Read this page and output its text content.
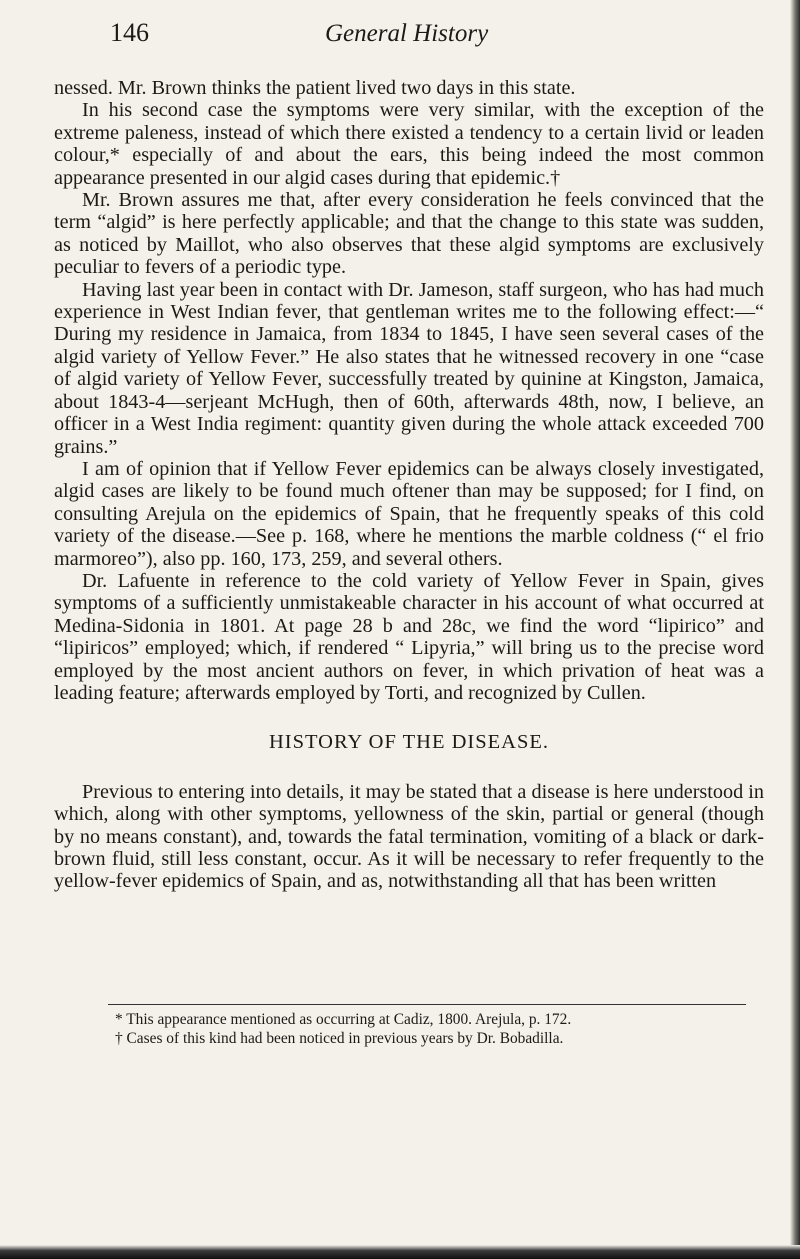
146	General History

nessed. Mr. Brown thinks the patient lived two days in this state.

In his second case the symptoms were very similar, with the exception of the extreme paleness, instead of which there existed a tendency to a certain livid or leaden colour,* especially of and about the ears, this being indeed the most common appearance presented in our algid cases during that epidemic.†

Mr. Brown assures me that, after every consideration he feels convinced that the term “algid” is here perfectly applicable; and that the change to this state was sudden, as noticed by Maillot, who also observes that these algid symptoms are exclusively peculiar to fevers of a periodic type.

Having last year been in contact with Dr. Jameson, staff surgeon, who has had much experience in West Indian fever, that gentleman writes me to the following effect:—“ During my residence in Jamaica, from 1834 to 1845, I have seen several cases of the algid variety of Yellow Fever.” He also states that he witnessed recovery in one “case of algid variety of Yellow Fever, successfully treated by quinine at Kingston, Jamaica, about 1843-4—serjeant McHugh, then of 60th, afterwards 48th, now, I believe, an officer in a West India regiment: quantity given during the whole attack exceeded 700 grains.”

I am of opinion that if Yellow Fever epidemics can be always closely investigated, algid cases are likely to be found much oftener than may be supposed; for I find, on consulting Arejula on the epidemics of Spain, that he frequently speaks of this cold variety of the disease.—See p. 168, where he mentions the marble coldness (“ el frio marmoreo”), also pp. 160, 173, 259, and several others.

Dr. Lafuente in reference to the cold variety of Yellow Fever in Spain, gives symptoms of a sufficiently unmistakeable character in his account of what occurred at Medina-Sidonia in 1801. At page 28 b and 28c, we find the word “lipirico” and “lipiricos” employed; which, if rendered “ Lipyria,” will bring us to the precise word employed by the most ancient authors on fever, in which privation of heat was a leading feature; afterwards employed by Torti, and recognized by Cullen.

HISTORY OF THE DISEASE.

Previous to entering into details, it may be stated that a disease is here understood in which, along with other symptoms, yellowness of the skin, partial or general (though by no means constant), and, towards the fatal termination, vomiting of a black or dark-brown fluid, still less constant, occur. As it will be necessary to refer frequently to the yellow-fever epidemics of Spain, and as, notwithstanding all that has been written

* This appearance mentioned as occurring at Cadiz, 1800. Arejula, p. 172.

† Cases of this kind had been noticed in previous years by Dr. Bobadilla.
